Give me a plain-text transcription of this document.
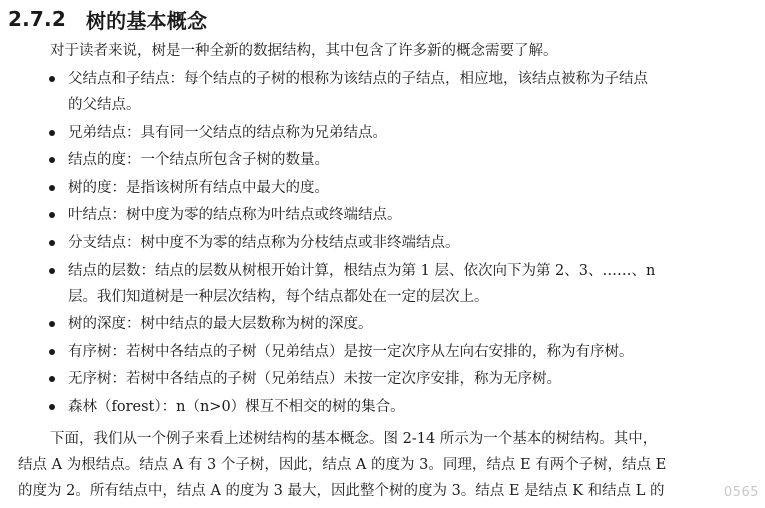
2.7.2 树的基本概念
对于读者来说，树是一种全新的数据结构，其中包含了许多新的概念需要了解。
父结点和子结点：每个结点的子树的根称为该结点的子结点，相应地，该结点被称为子结点
的父结点。
兄弟结点：具有同一父结点的结点称为兄弟结点。
结点的度：一个结点所包含子树的数量。
树的度：是指该树所有结点中最大的度。
叶结点：树中度为零的结点称为叶结点或终端结点。
分支结点：树中度不为零的结点称为分枝结点或非终端结点。
结点的层数：结点的层数从树根开始计算，根结点为第 1 层、依次向下为第 2、3、……、n
层。我们知道树是一种层次结构，每个结点都处在一定的层次上。
树的深度：树中结点的最大层数称为树的深度。
有序树：若树中各结点的子树（兄弟结点）是按一定次序从左向右安排的，称为有序树。
无序树：若树中各结点的子树（兄弟结点）未按一定次序安排，称为无序树。
森林（forest）：n（n>0）棵互不相交的树的集合。
下面，我们从一个例子来看上述树结构的基本概念。图 2-14 所示为一个基本的树结构。其中，
结点 A 为根结点。结点 A 有 3 个子树，因此，结点 A 的度为 3。同理，结点 E 有两个子树，结点 E
的度为 2。所有结点中，结点 A 的度为 3 最大，因此整个树的度为 3。结点 E 是结点 K 和结点 L 的	0565
